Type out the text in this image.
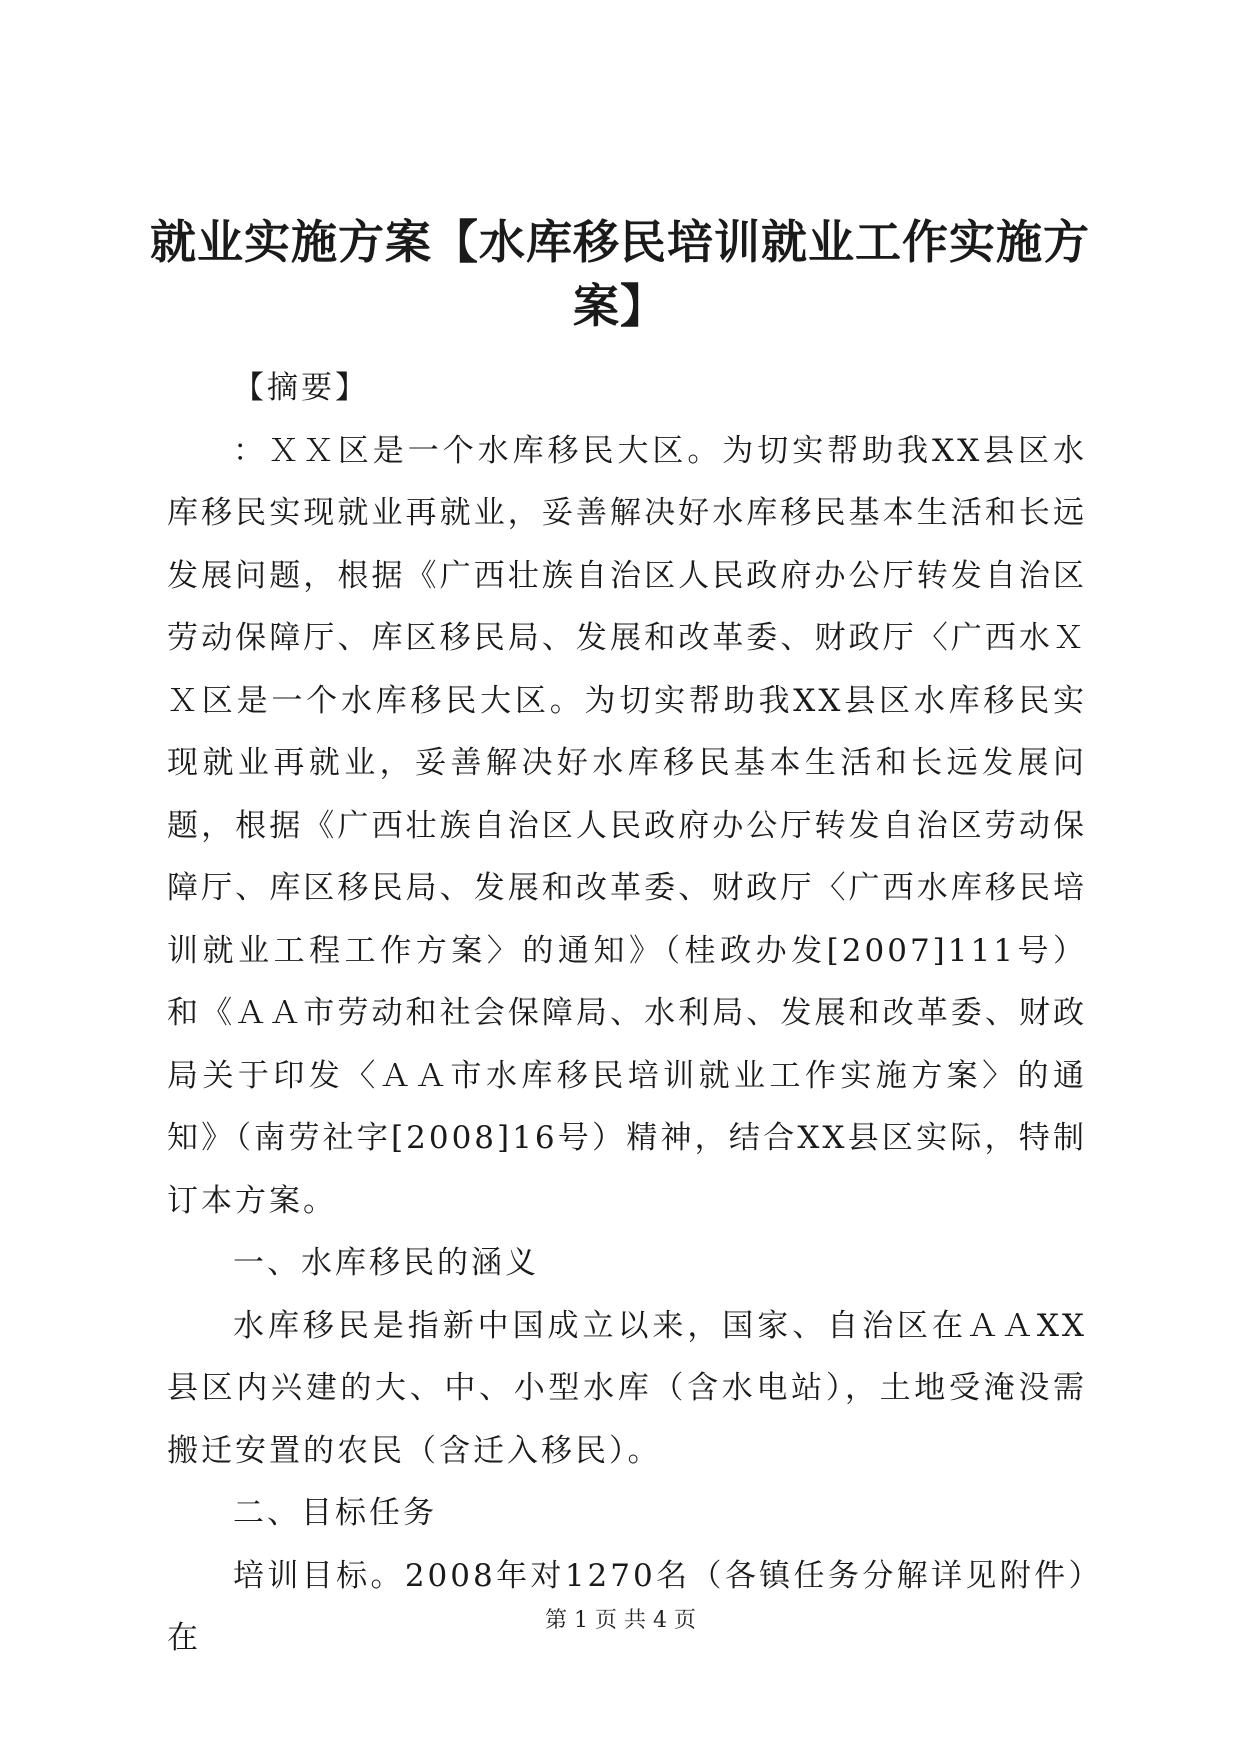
就业实施方案【水库移民培训就业工作实施方案】

【摘要】

：ＸＸ区是一个水库移民大区。为切实帮助我XX县区水库移民实现就业再就业，妥善解决好水库移民基本生活和长远发展问题，根据《广西壮族自治区人民政府办公厅转发自治区劳动保障厅、库区移民局、发展和改革委、财政厅〈广西水ＸＸ区是一个水库移民大区。为切实帮助我XX县区水库移民实现就业再就业，妥善解决好水库移民基本生活和长远发展问题，根据《广西壮族自治区人民政府办公厅转发自治区劳动保障厅、库区移民局、发展和改革委、财政厅〈广西水库移民培训就业工程工作方案〉的通知》（桂政办发[2007]111号）和《ＡＡ市劳动和社会保障局、水利局、发展和改革委、财政局关于印发〈ＡＡ市水库移民培训就业工作实施方案〉的通知》（南劳社字[2008]16号）精神，结合XX县区实际，特制订本方案。

一、水库移民的涵义

水库移民是指新中国成立以来，国家、自治区在ＡＡXX县区内兴建的大、中、小型水库（含水电站），土地受淹没需搬迁安置的农民（含迁入移民）。

二、目标任务

培训目标。2008年对1270名（各镇任务分解详见附件）在	第 1 页 共 4 页
